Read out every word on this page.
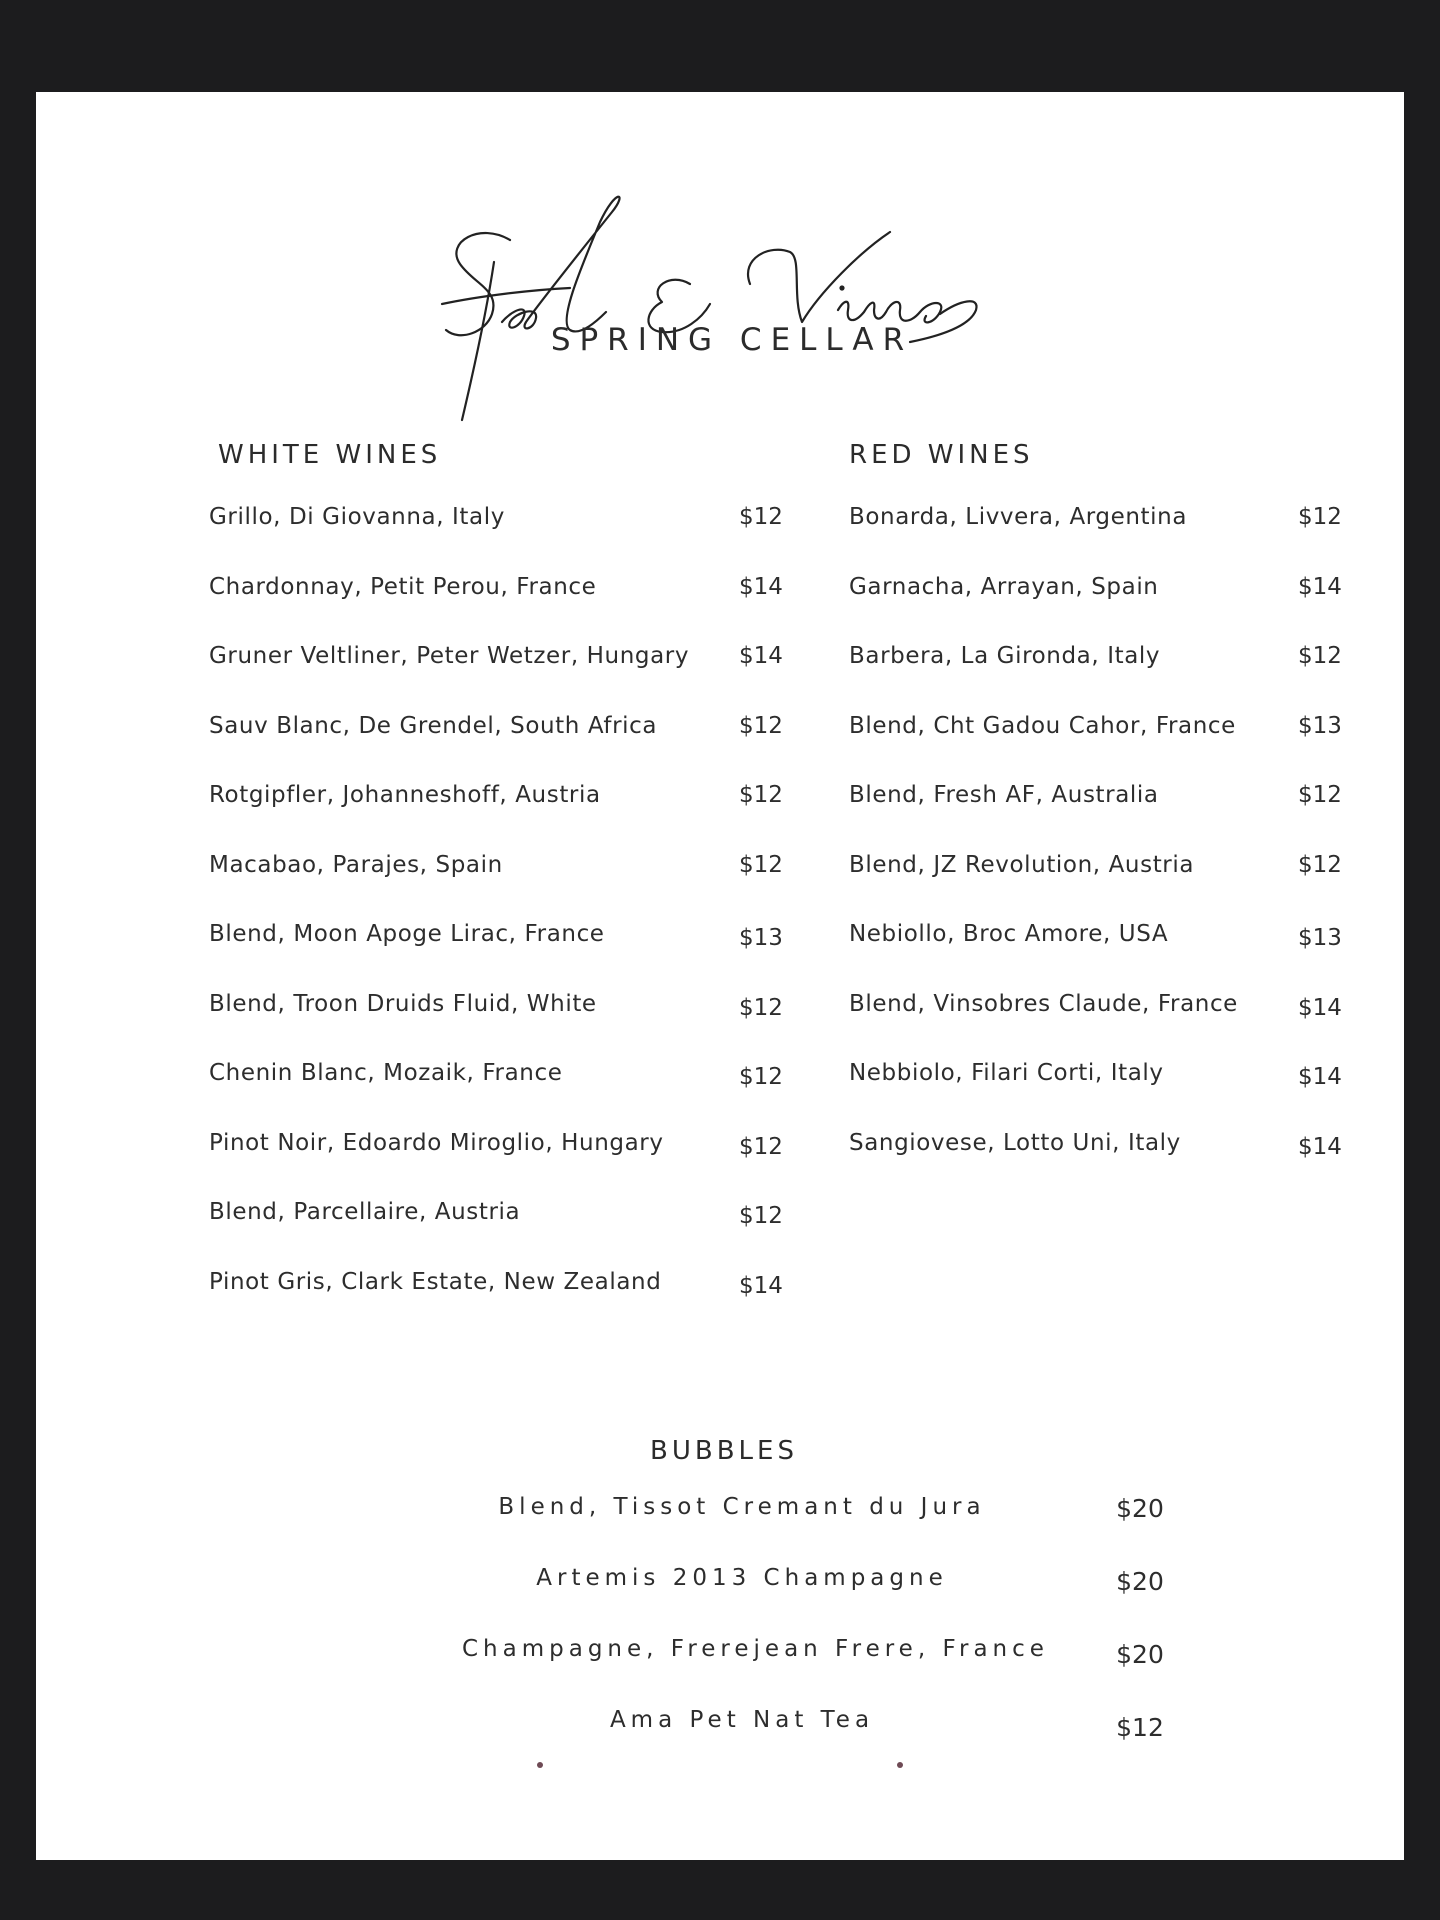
SPRING CELLAR
WHITE WINES
Grillo, Di Giovanna, Italy	$12
Chardonnay, Petit Perou, France	$14
Gruner Veltliner, Peter Wetzer, Hungary $14
Sauv Blanc, De Grendel, South Africa	$12
Rotgipfler, Johanneshoff, Austria	$12
Macabao, Parajes, Spain	$12
Blend, Moon Apoge Lirac, France	$13
Blend, Troon Druids Fluid, White	$12
Chenin Blanc, Mozaik, France	$12
Pinot Noir, Edoardo Miroglio, Hungary	$12
Blend, Parcellaire, Austria	$12
Pinot Gris, Clark Estate, New Zealand	$14
RED WINES
Bonarda, Livvera, Argentina	$12
Garnacha, Arrayan, Spain	$14
Barbera, La Gironda, Italy	$12
Blend, Cht Gadou Cahor, France	$13
Blend, Fresh AF, Australia	$12
Blend, JZ Revolution, Austria	$12
Nebiollo, Broc Amore, USA	$13
Blend, Vinsobres Claude, France	$14
Nebbiolo, Filari Corti, Italy	$14
Sangiovese, Lotto Uni, Italy	$14
BUBBLES
Blend, Tissot Cremant du Jura	$20
Artemis 2013 Champagne	$20
Champagne, Frerejean Frere, France	$20
Ama Pet Nat Tea	$12
